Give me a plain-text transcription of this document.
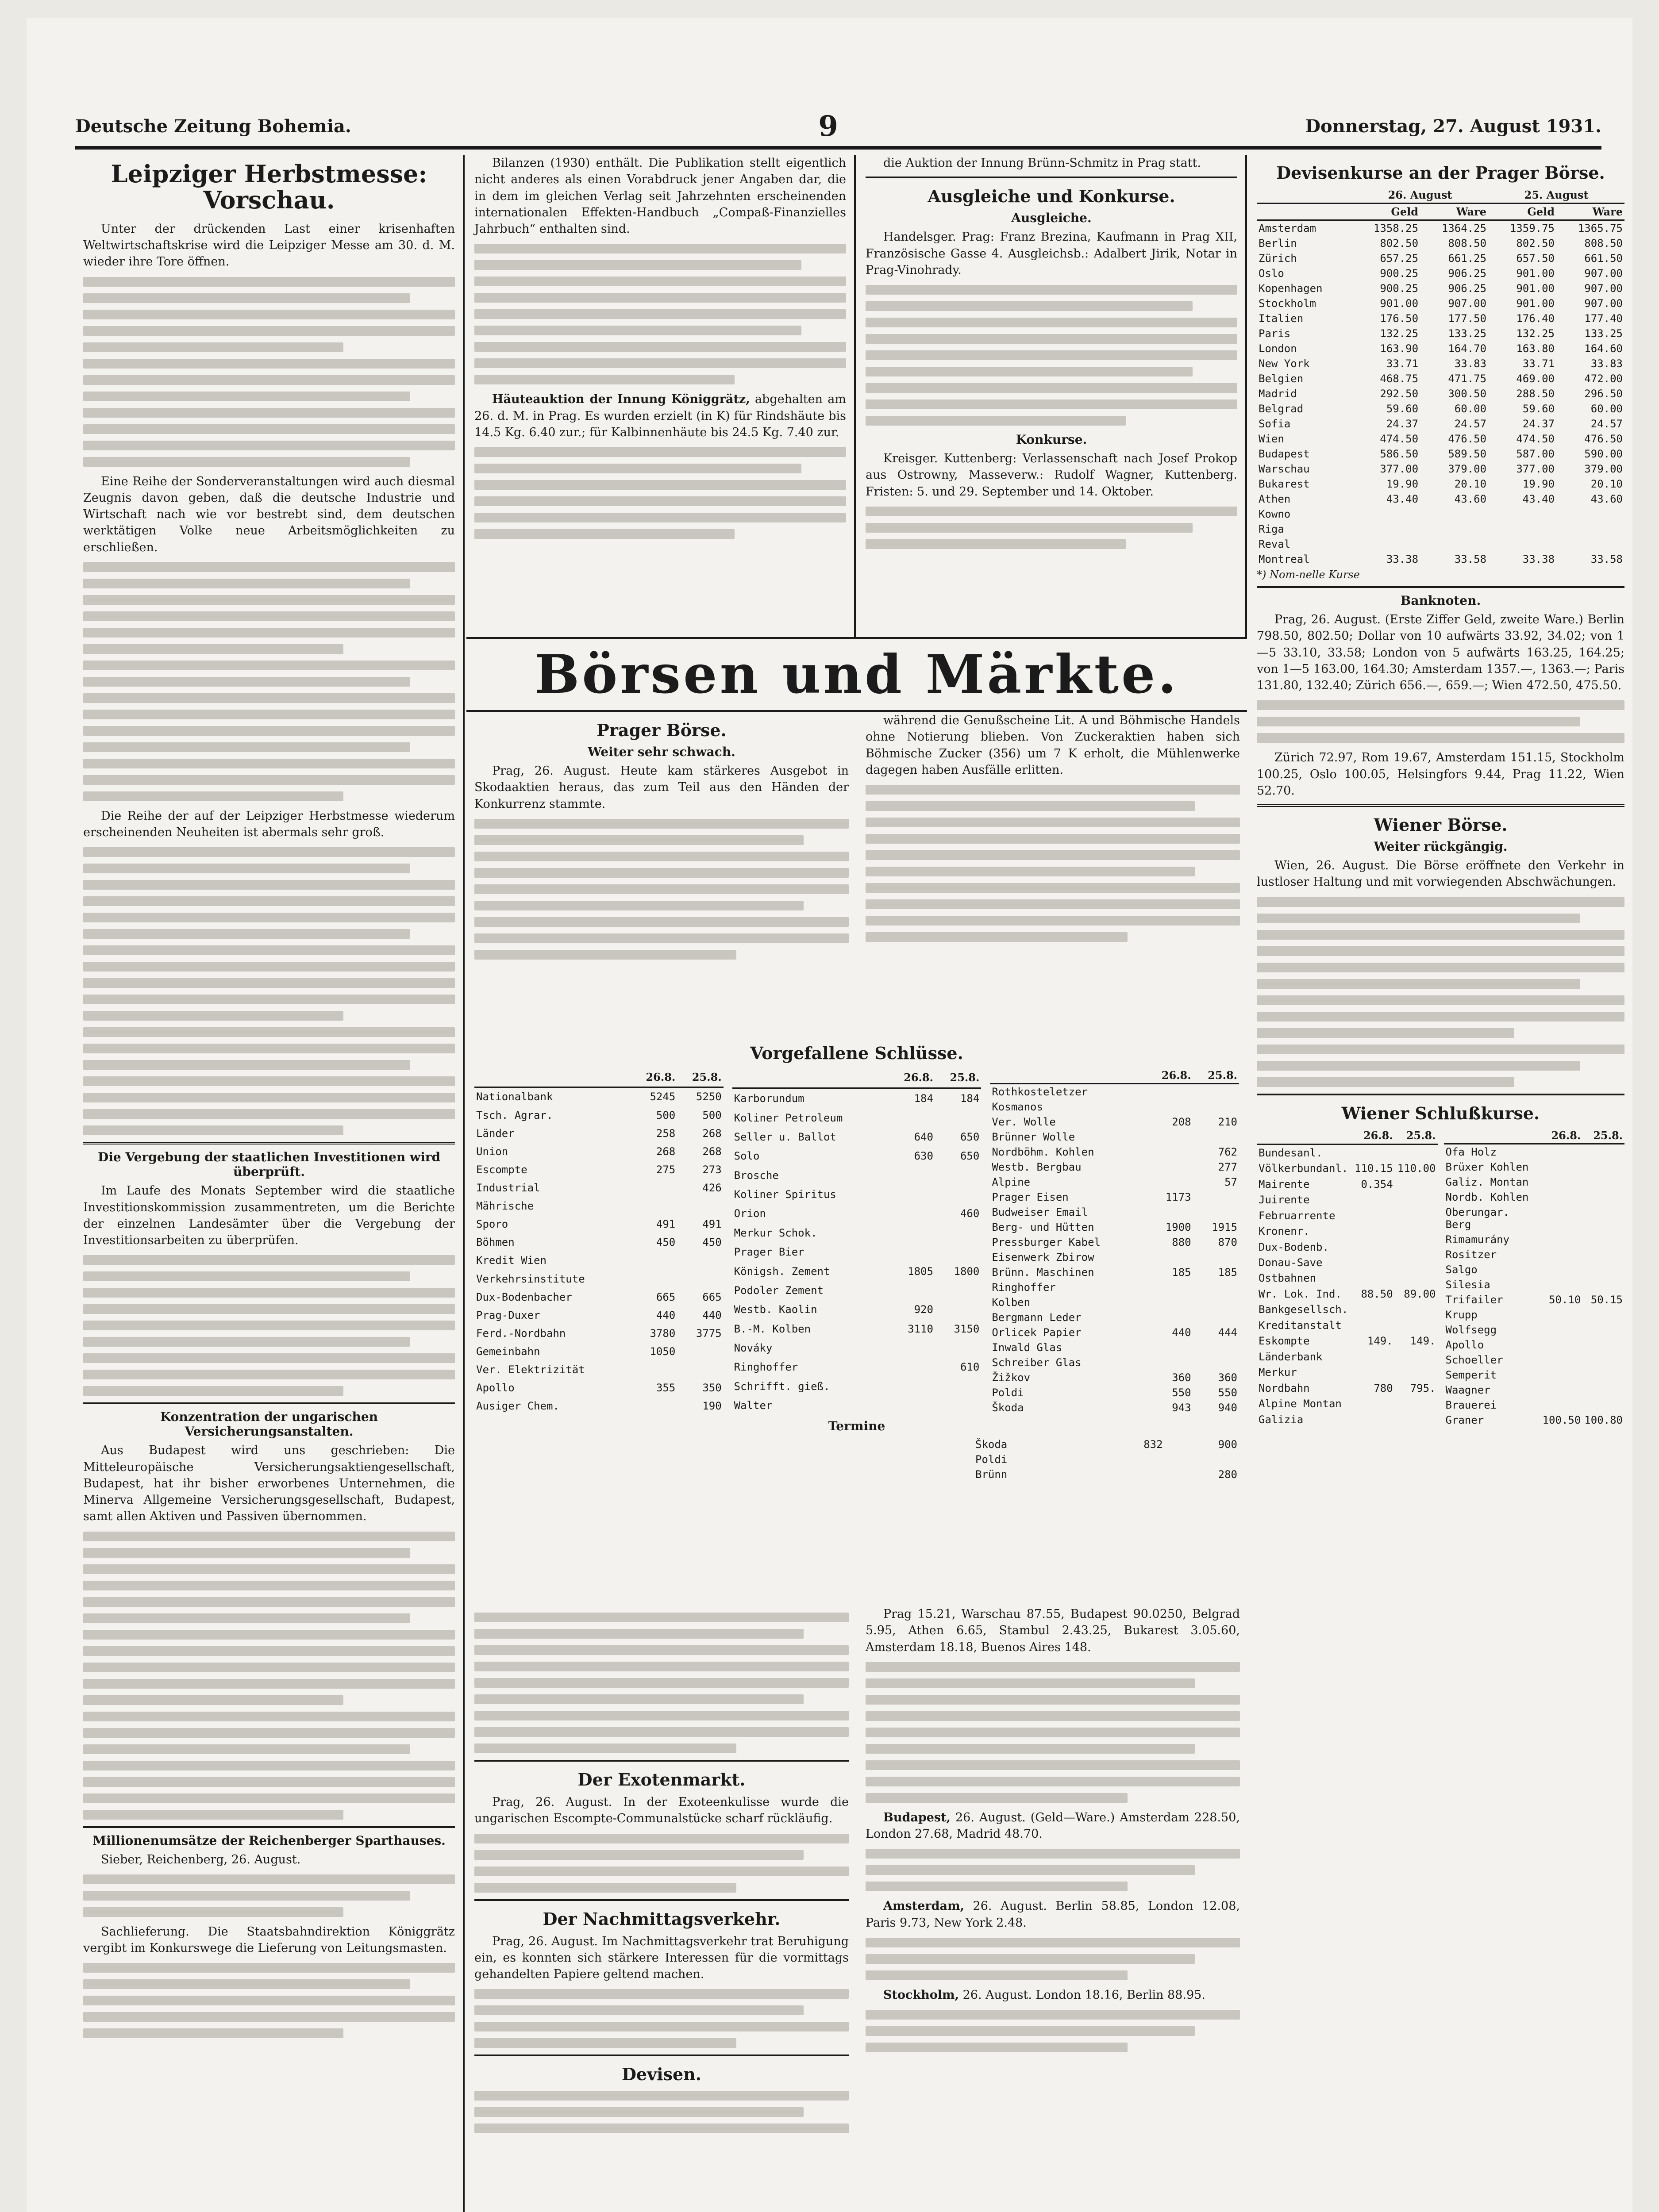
Deutsche Zeitung Bohemia.	9	Donnerstag, 27. August 1931.
Leipziger Herbstmesse: Vorschau.

Unter der drückenden Last einer krisenhaften Weltwirtschaftskrise wird die Leipziger Messe am 30. d. M. wieder ihre Tore öffnen.

Eine Reihe der Sonderveranstaltungen wird auch diesmal Zeugnis davon geben, daß die deutsche Industrie und Wirtschaft nach wie vor bestrebt sind, dem deutschen werktätigen Volke neue Arbeitsmöglichkeiten zu erschließen.

Die Reihe der auf der Leipziger Herbstmesse wiederum erscheinenden Neuheiten ist abermals sehr groß.

Die Vergebung der staatlichen Investitionen wird überprüft.

Im Laufe des Monats September wird die staatliche Investitionskommission zusammentreten, um die Berichte der einzelnen Landesämter über die Vergebung der Investitionsarbeiten zu überprüfen.

Konzentration der ungarischen Versicherungsanstalten.

Aus Budapest wird uns geschrieben: Die Mitteleuropäische Versicherungsaktiengesellschaft, Budapest, hat ihr bisher erworbenes Unternehmen, die Minerva Allgemeine Versicherungsgesellschaft, Budapest, samt allen Aktiven und Passiven übernommen.

Millionenumsätze der Reichenberger Sparthauses.

Sieber, Reichenberg, 26. August.

Sachlieferung. Die Staatsbahndirektion Königgrätz vergibt im Konkurswege die Lieferung von Leitungsmasten.

Bilanzen (1930) enthält. Die Publikation stellt eigentlich nicht anderes als einen Vorabdruck jener Angaben dar, die in dem im gleichen Verlag seit Jahrzehnten erscheinenden internationalen Effekten-Handbuch „Compaß-Finanzielles Jahrbuch“ enthalten sind.

Häuteauktion der Innung Königgrätz, abgehalten am 26. d. M. in Prag. Es wurden erzielt (in K) für Rindshäute bis 14.5 Kg. 6.40 zur.; für Kalbinnenhäute bis 24.5 Kg. 7.40 zur.

die Auktion der Innung Brünn-Schmitz in Prag statt.

Ausgleiche und Konkurse.
Ausgleiche.

Handelsger. Prag: Franz Brezina, Kaufmann in Prag XII, Französische Gasse 4. Ausgleichsb.: Adalbert Jirik, Notar in Prag-Vinohrady.

Konkurse.

Kreisger. Kuttenberg: Verlassenschaft nach Josef Prokop aus Ostrowny, Masseverw.: Rudolf Wagner, Kuttenberg. Fristen: 5. und 29. September und 14. Oktober.

Börsen und Märkte.
Prager Börse.
Weiter sehr schwach.

Prag, 26. August. Heute kam stärkeres Ausgebot in Skodaaktien heraus, das zum Teil aus den Händen der Konkurrenz stammte.

während die Genußscheine Lit. A und Böhmische Handels ohne Notierung blieben. Von Zuckeraktien haben sich Böhmische Zucker (356) um 7 K erholt, die Mühlenwerke dagegen haben Ausfälle erlitten.

Vorgefallene Schlüsse.
	26.8.	25.8.
Nationalbank	5245	5250
Tsch. Agrar.	500	500
Länder	258	268
Union	268	268
Escompte	275	273
Industrial		426
Mährische		
Sporo	491	491
Böhmen	450	450
Kredit Wien		
Verkehrsinstitute		
Dux-Bodenbacher	665	665
Prag-Duxer	440	440
Ferd.-Nordbahn	3780	3775
Gemeinbahn	1050	
Ver. Elektrizität		
Apollo	355	350
Ausiger Chem.		190
	26.8.	25.8.
Karborundum	184	184
Koliner Petroleum		
Seller u. Ballot	640	650
Solo	630	650
Brosche		
Koliner Spiritus		
Orion		460
Merkur Schok.		
Prager Bier		
Königsh. Zement	1805	1800
Podoler Zement		
Westb. Kaolin	920	
B.-M. Kolben	3110	3150
Nováky		
Ringhoffer		610
Schrifft. gieß.		
Walter		
	26.8.	25.8.
Rothkosteletzer		
Kosmanos		
Ver. Wolle	208	210
Brünner Wolle		
Nordböhm. Kohlen		762
Westb. Bergbau		277
Alpine		57
Prager Eisen	1173	
Budweiser Email		
Berg- und Hütten	1900	1915
Pressburger Kabel	880	870
Eisenwerk Zbirow		
Brünn. Maschinen	185	185
Ringhoffer		
Kolben		
Bergmann Leder		
Orlicek Papier	440	444
Inwald Glas		
Schreiber Glas		
Žižkov	360	360
Poldi	550	550
Škoda	943	940
Termine
Škoda	832	900
Poldi		
Brünn		280
Der Exotenmarkt.

Prag, 26. August. In der Exoteenkulisse wurde die ungarischen Escompte-Communalstücke scharf rückläufig.

Der Nachmittagsverkehr.

Prag, 26. August. Im Nachmittagsverkehr trat Beruhigung ein, es konnten sich stärkere Interessen für die vormittags gehandelten Papiere geltend machen.

Devisen.

Prag 15.21, Warschau 87.55, Budapest 90.0250, Belgrad 5.95, Athen 6.65, Stambul 2.43.25, Bukarest 3.05.60, Amsterdam 18.18, Buenos Aires 148.

Budapest, 26. August. (Geld—Ware.) Amsterdam 228.50, London 27.68, Madrid 48.70.

Amsterdam, 26. August. Berlin 58.85, London 12.08, Paris 9.73, New York 2.48.

Stockholm, 26. August. London 18.16, Berlin 88.95.

Devisenkurse an der Prager Börse.
	26. August		25. August	
	Geld	Ware	Geld	Ware
Amsterdam	1358.25	1364.25	1359.75	1365.75
Berlin	802.50	808.50	802.50	808.50
Zürich	657.25	661.25	657.50	661.50
Oslo	900.25	906.25	901.00	907.00
Kopenhagen	900.25	906.25	901.00	907.00
Stockholm	901.00	907.00	901.00	907.00
Italien	176.50	177.50	176.40	177.40
Paris	132.25	133.25	132.25	133.25
London	163.90	164.70	163.80	164.60
New York	33.71	33.83	33.71	33.83
Belgien	468.75	471.75	469.00	472.00
Madrid	292.50	300.50	288.50	296.50
Belgrad	59.60	60.00	59.60	60.00
Sofia	24.37	24.57	24.37	24.57
Wien	474.50	476.50	474.50	476.50
Budapest	586.50	589.50	587.00	590.00
Warschau	377.00	379.00	377.00	379.00
Bukarest	19.90	20.10	19.90	20.10
Athen	43.40	43.60	43.40	43.60
Kowno				
Riga				
Reval				
Montreal	33.38	33.58	33.38	33.58
*) Nom-nelle Kurse
Banknoten.

Prag, 26. August. (Erste Ziffer Geld, zweite Ware.) Berlin 798.50, 802.50; Dollar von 10 aufwärts 33.92, 34.02; von 1—5 33.10, 33.58; London von 5 aufwärts 163.25, 164.25; von 1—5 163.00, 164.30; Amsterdam 1357.—, 1363.—; Paris 131.80, 132.40; Zürich 656.—, 659.—; Wien 472.50, 475.50.

Zürich 72.97, Rom 19.67, Amsterdam 151.15, Stockholm 100.25, Oslo 100.05, Helsingfors 9.44, Prag 11.22, Wien 52.70.

Wiener Börse.
Weiter rückgängig.

Wien, 26. August. Die Börse eröffnete den Verkehr in lustloser Haltung und mit vorwiegenden Abschwächungen.

Wiener Schlußkurse.
	26.8.	25.8.
Bundesanl.		
Völkerbundanl.	110.15	110.00
Mairente	0.354	
Juirente		
Februarrente		
Kronenr.		
Dux-Bodenb.		
Donau-Save		
Ostbahnen		
Wr. Lok. Ind.	88.50	89.00
Bankgesellsch.		
Kreditanstalt		
Eskompte	149.	149.
Länderbank		
Merkur		
Nordbahn	780	795.
Alpine Montan		
Galizia		
	26.8.	25.8.
Ofa Holz		
Brüxer Kohlen		
Galiz. Montan		
Nordb. Kohlen		
Oberungar. Berg		
Rimamurány		
Rositzer		
Salgo		
Silesia		
Trifailer	50.10	50.15
Krupp		
Wolfsegg		
Apollo		
Schoeller		
Semperit		
Waagner		
Brauerei		
Graner	100.50	100.80
